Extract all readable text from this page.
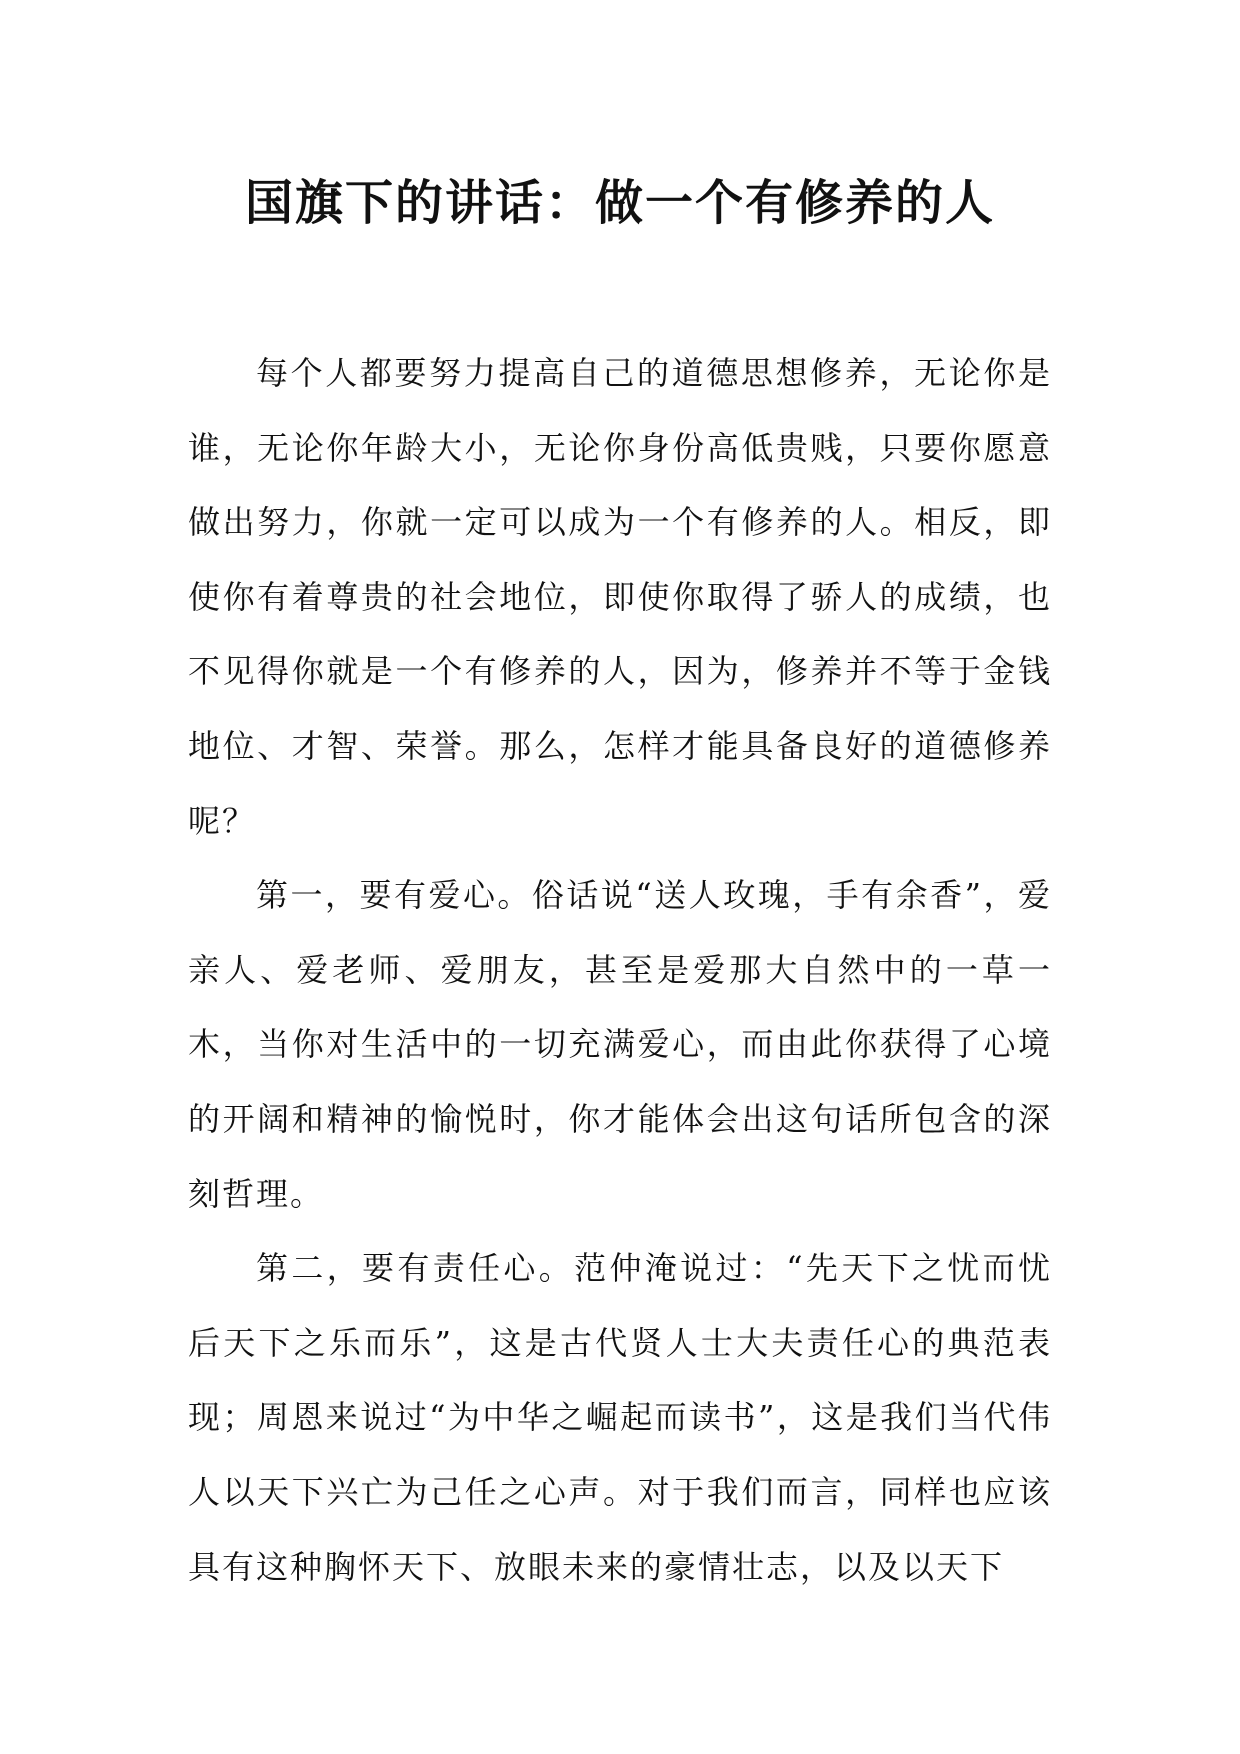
国旗下的讲话：做一个有修养的人

每个人都要努力提高自己的道德思想修养，无论你是谁，无论你年龄大小，无论你身份高低贵贱，只要你愿意做出努力，你就一定可以成为一个有修养的人。相反，即使你有着尊贵的社会地位，即使你取得了骄人的成绩，也不见得你就是一个有修养的人，因为，修养并不等于金钱地位、才智、荣誉。那么，怎样才能具备良好的道德修养呢？

第一，要有爱心。俗话说“送人玫瑰，手有余香”，爱亲人、爱老师、爱朋友，甚至是爱那大自然中的一草一木，当你对生活中的一切充满爱心，而由此你获得了心境的开阔和精神的愉悦时，你才能体会出这句话所包含的深刻哲理。

第二，要有责任心。范仲淹说过：“先天下之忧而忧后天下之乐而乐”，这是古代贤人士大夫责任心的典范表现；周恩来说过“为中华之崛起而读书”，这是我们当代伟人以天下兴亡为己任之心声。对于我们而言，同样也应该具有这种胸怀天下、放眼未来的豪情壮志，以及以天下
